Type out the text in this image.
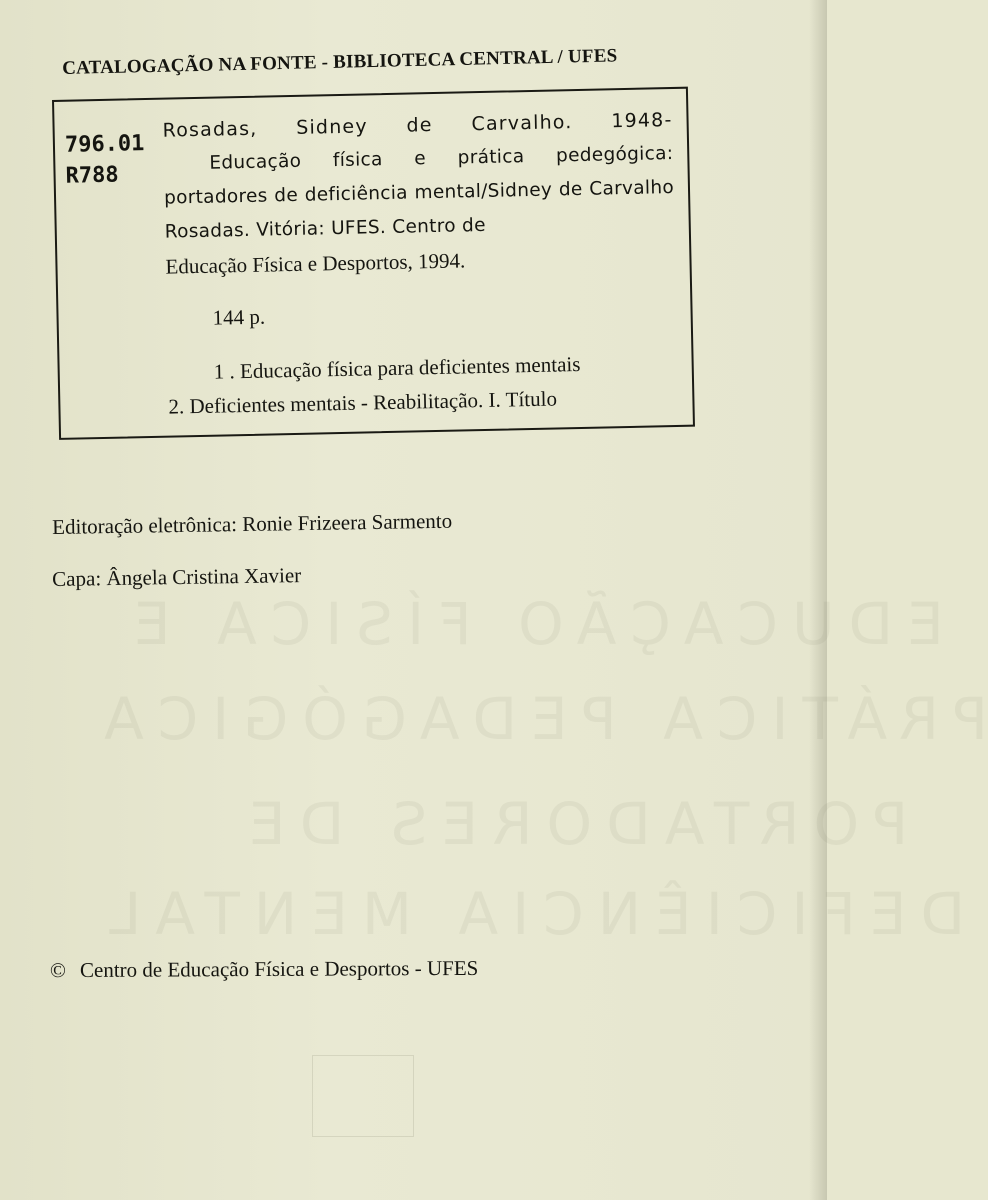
EDUCAÇÃO FÍSICA E
PRÁTICA PEDAGÓGICA
PORTADORES DE
DEFICIÊNCIA MENTAL
CATALOGAÇÃO NA FONTE - BIBLIOTECA CENTRAL / UFES
796.01
R788
Rosadas, Sidney de Carvalho. 1948-
Educação física e prática pedegógica: portadores de deficiência mental/Sidney de Carvalho Rosadas. Vitória: UFES. Centro de
Educação Física e Desportos, 1994.
144 p.
1 . Educação física para deficientes mentais
2. Deficientes mentais - Reabilitação. I. Título
Editoração eletrônica: Ronie Frizeera Sarmento
Capa: Ângela Cristina Xavier
© Centro de Educação Física e Desportos - UFES
